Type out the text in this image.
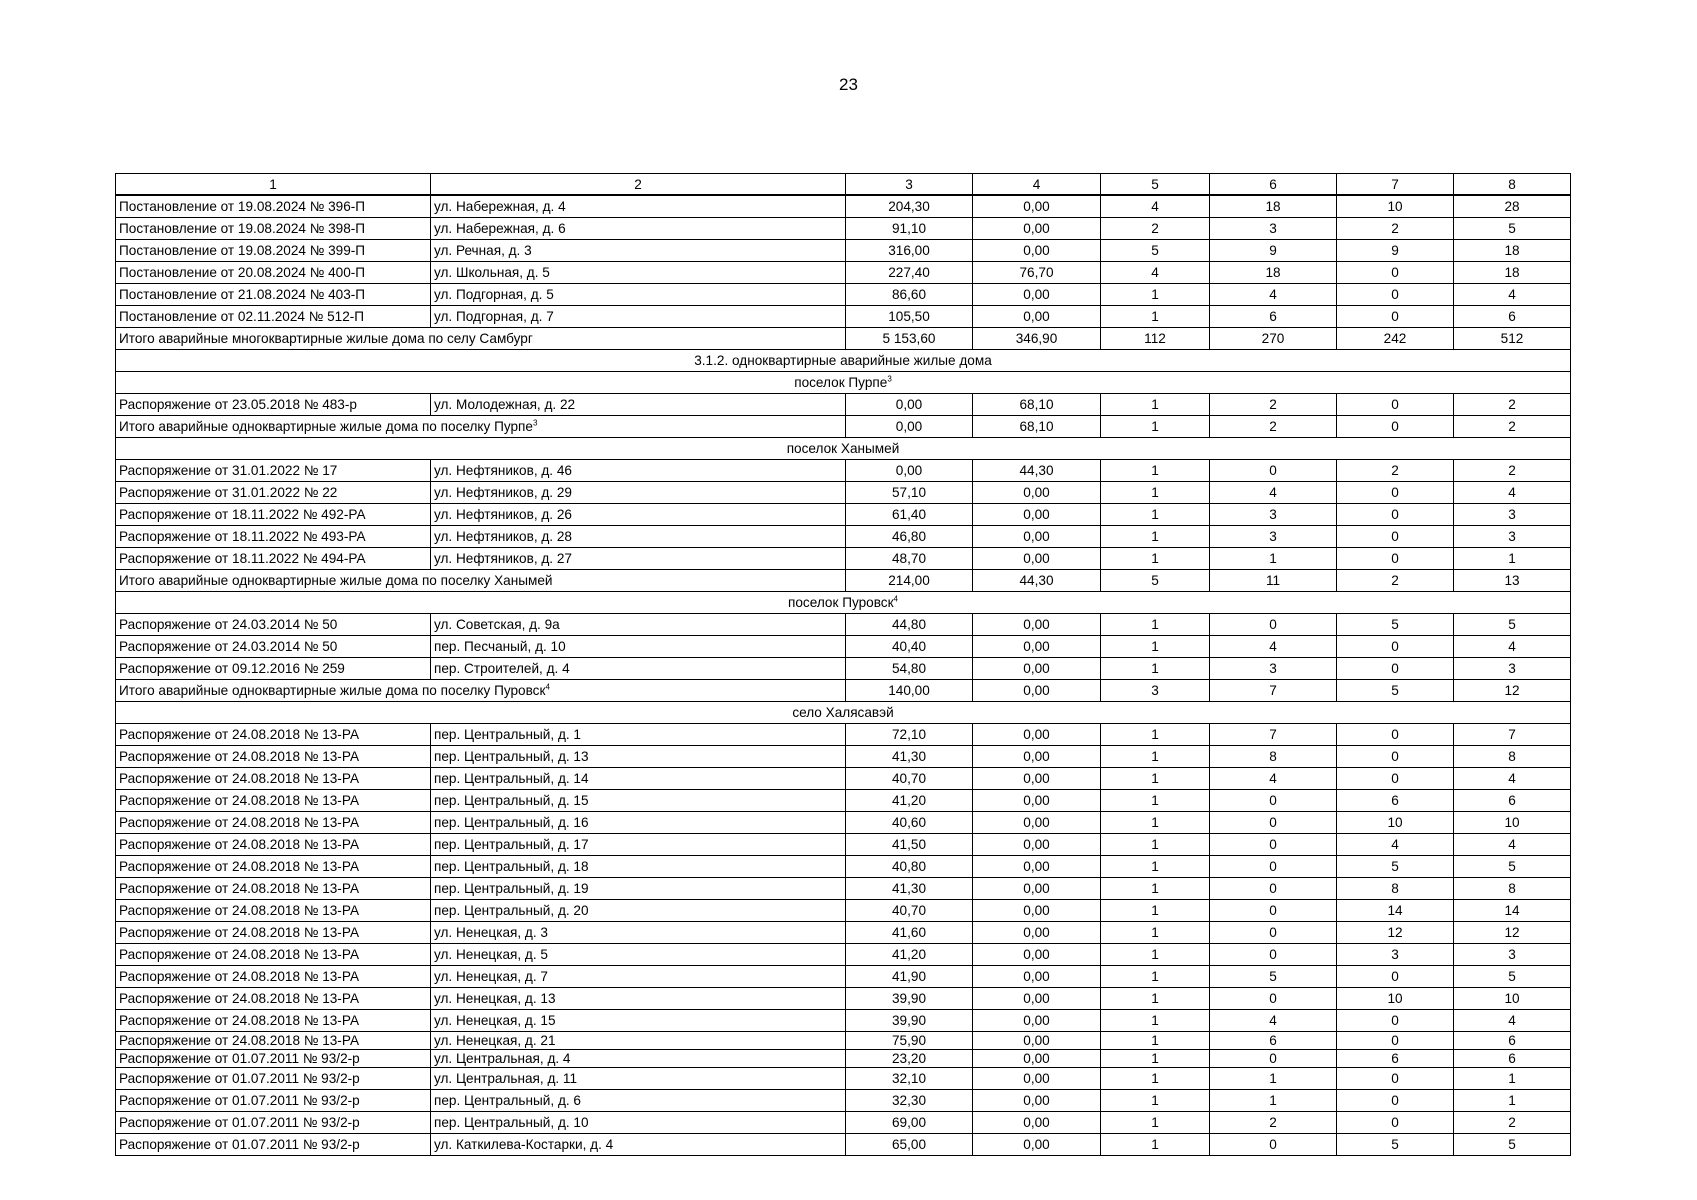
23
1	2	3	4	5	6	7	8
Постановление от 19.08.2024 № 396-П	ул. Набережная, д. 4	204,30	0,00	4	18	10	28
Постановление от 19.08.2024 № 398-П	ул. Набережная, д. 6	91,10	0,00	2	3	2	5
Постановление от 19.08.2024 № 399-П	ул. Речная, д. 3	316,00	0,00	5	9	9	18
Постановление от 20.08.2024 № 400-П	ул. Школьная, д. 5	227,40	76,70	4	18	0	18
Постановление от 21.08.2024 № 403-П	ул. Подгорная, д. 5	86,60	0,00	1	4	0	4
Постановление от 02.11.2024 № 512-П	ул. Подгорная, д. 7	105,50	0,00	1	6	0	6
Итого аварийные многоквартирные жилые дома по селу Самбург		5 153,60	346,90	112	270	242	512
3.1.2. одноквартирные аварийные жилые дома							
поселок Пурпе$^3$
Распоряжение от 23.05.2018 № 483-р	ул. Молодежная, д. 22	0,00	68,10	1	2	0	2
Итого аварийные одноквартирные жилые дома по поселку Пурпе$^3$		0,00	68,10	1	2	0	2
поселок Ханымей							
Распоряжение от 31.01.2022 № 17	ул. Нефтяников, д. 46	0,00	44,30	1	0	2	2
Распоряжение от 31.01.2022 № 22	ул. Нефтяников, д. 29	57,10	0,00	1	4	0	4
Распоряжение от 18.11.2022 № 492-РА	ул. Нефтяников, д. 26	61,40	0,00	1	3	0	3
Распоряжение от 18.11.2022 № 493-РА	ул. Нефтяников, д. 28	46,80	0,00	1	3	0	3
Распоряжение от 18.11.2022 № 494-РА	ул. Нефтяников, д. 27	48,70	0,00	1	1	0	1
Итого аварийные одноквартирные жилые дома по поселку Ханымей		214,00	44,30	5	11	2	13
поселок Пуровск$^4$
Распоряжение от 24.03.2014 № 50	ул. Советская, д. 9а	44,80	0,00	1	0	5	5
Распоряжение от 24.03.2014 № 50	пер. Песчаный, д. 10	40,40	0,00	1	4	0	4
Распоряжение от 09.12.2016 № 259	пер. Строителей, д. 4	54,80	0,00	1	3	0	3
Итого аварийные одноквартирные жилые дома по поселку Пуровск$^4$		140,00	0,00	3	7	5	12
село Халясавэй							
Распоряжение от 24.08.2018 № 13-РА	пер. Центральный, д. 1	72,10	0,00	1	7	0	7
Распоряжение от 24.08.2018 № 13-РА	пер. Центральный, д. 13	41,30	0,00	1	8	0	8
Распоряжение от 24.08.2018 № 13-РА	пер. Центральный, д. 14	40,70	0,00	1	4	0	4
Распоряжение от 24.08.2018 № 13-РА	пер. Центральный, д. 15	41,20	0,00	1	0	6	6
Распоряжение от 24.08.2018 № 13-РА	пер. Центральный, д. 16	40,60	0,00	1	0	10	10
Распоряжение от 24.08.2018 № 13-РА	пер. Центральный, д. 17	41,50	0,00	1	0	4	4
Распоряжение от 24.08.2018 № 13-РА	пер. Центральный, д. 18	40,80	0,00	1	0	5	5
Распоряжение от 24.08.2018 № 13-РА	пер. Центральный, д. 19	41,30	0,00	1	0	8	8
Распоряжение от 24.08.2018 № 13-РА	пер. Центральный, д. 20	40,70	0,00	1	0	14	14
Распоряжение от 24.08.2018 № 13-РА	ул. Ненецкая, д. 3	41,60	0,00	1	0	12	12
Распоряжение от 24.08.2018 № 13-РА	ул. Ненецкая, д. 5	41,20	0,00	1	0	3	3
Распоряжение от 24.08.2018 № 13-РА	ул. Ненецкая, д. 7	41,90	0,00	1	5	0	5
Распоряжение от 24.08.2018 № 13-РА	ул. Ненецкая, д. 13	39,90	0,00	1	0	10	10
Распоряжение от 24.08.2018 № 13-РА	ул. Ненецкая, д. 15	39,90	0,00	1	4	0	4
Распоряжение от 24.08.2018 № 13-РА	ул. Ненецкая, д. 21	75,90	0,00	1	6	0	6
Распоряжение от 01.07.2011 № 93/2-р	ул. Центральная, д. 4	23,20	0,00	1	0	6	6
Распоряжение от 01.07.2011 № 93/2-р	ул. Центральная, д. 11	32,10	0,00	1	1	0	1
Распоряжение от 01.07.2011 № 93/2-р	пер. Центральный, д. 6	32,30	0,00	1	1	0	1
Распоряжение от 01.07.2011 № 93/2-р	пер. Центральный, д. 10	69,00	0,00	1	2	0	2
Распоряжение от 01.07.2011 № 93/2-р	ул. Каткилева-Костарки, д. 4	65,00	0,00	1	0	5	5
